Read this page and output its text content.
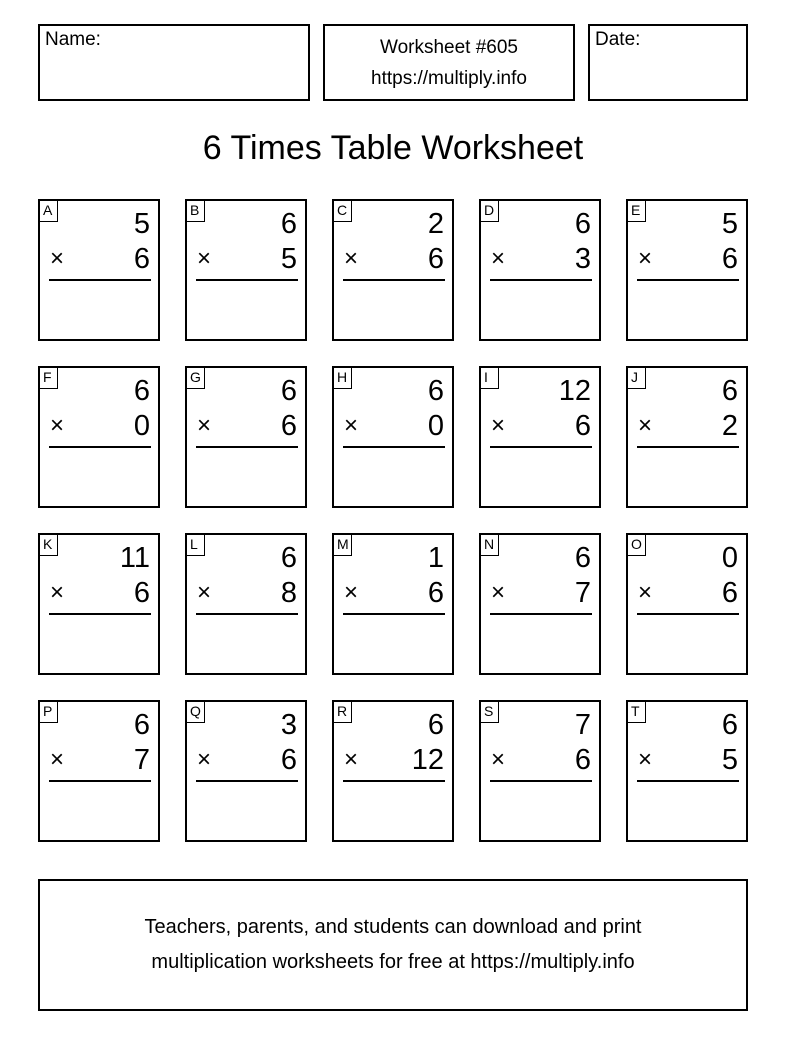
Name:	Worksheet #605
https://multiply.info
Date:
6 Times Table Worksheet
A	5
× 6
B	6
× 5
C	2
× 6
D	6
× 3
E	5
× 6
F	6
× 0
G	6
× 6
H	6
× 0
I	12
× 6
J	6
× 2
K 11
× 6
L	6
× 8
M	1
× 6
N	6
× 7
O	0
× 6
P	6
× 7
Q	3
× 6
R	6
× 12
S	7
× 6
T	6
× 5
Teachers, parents, and students can download and print
multiplication worksheets for free at https://multiply.info
